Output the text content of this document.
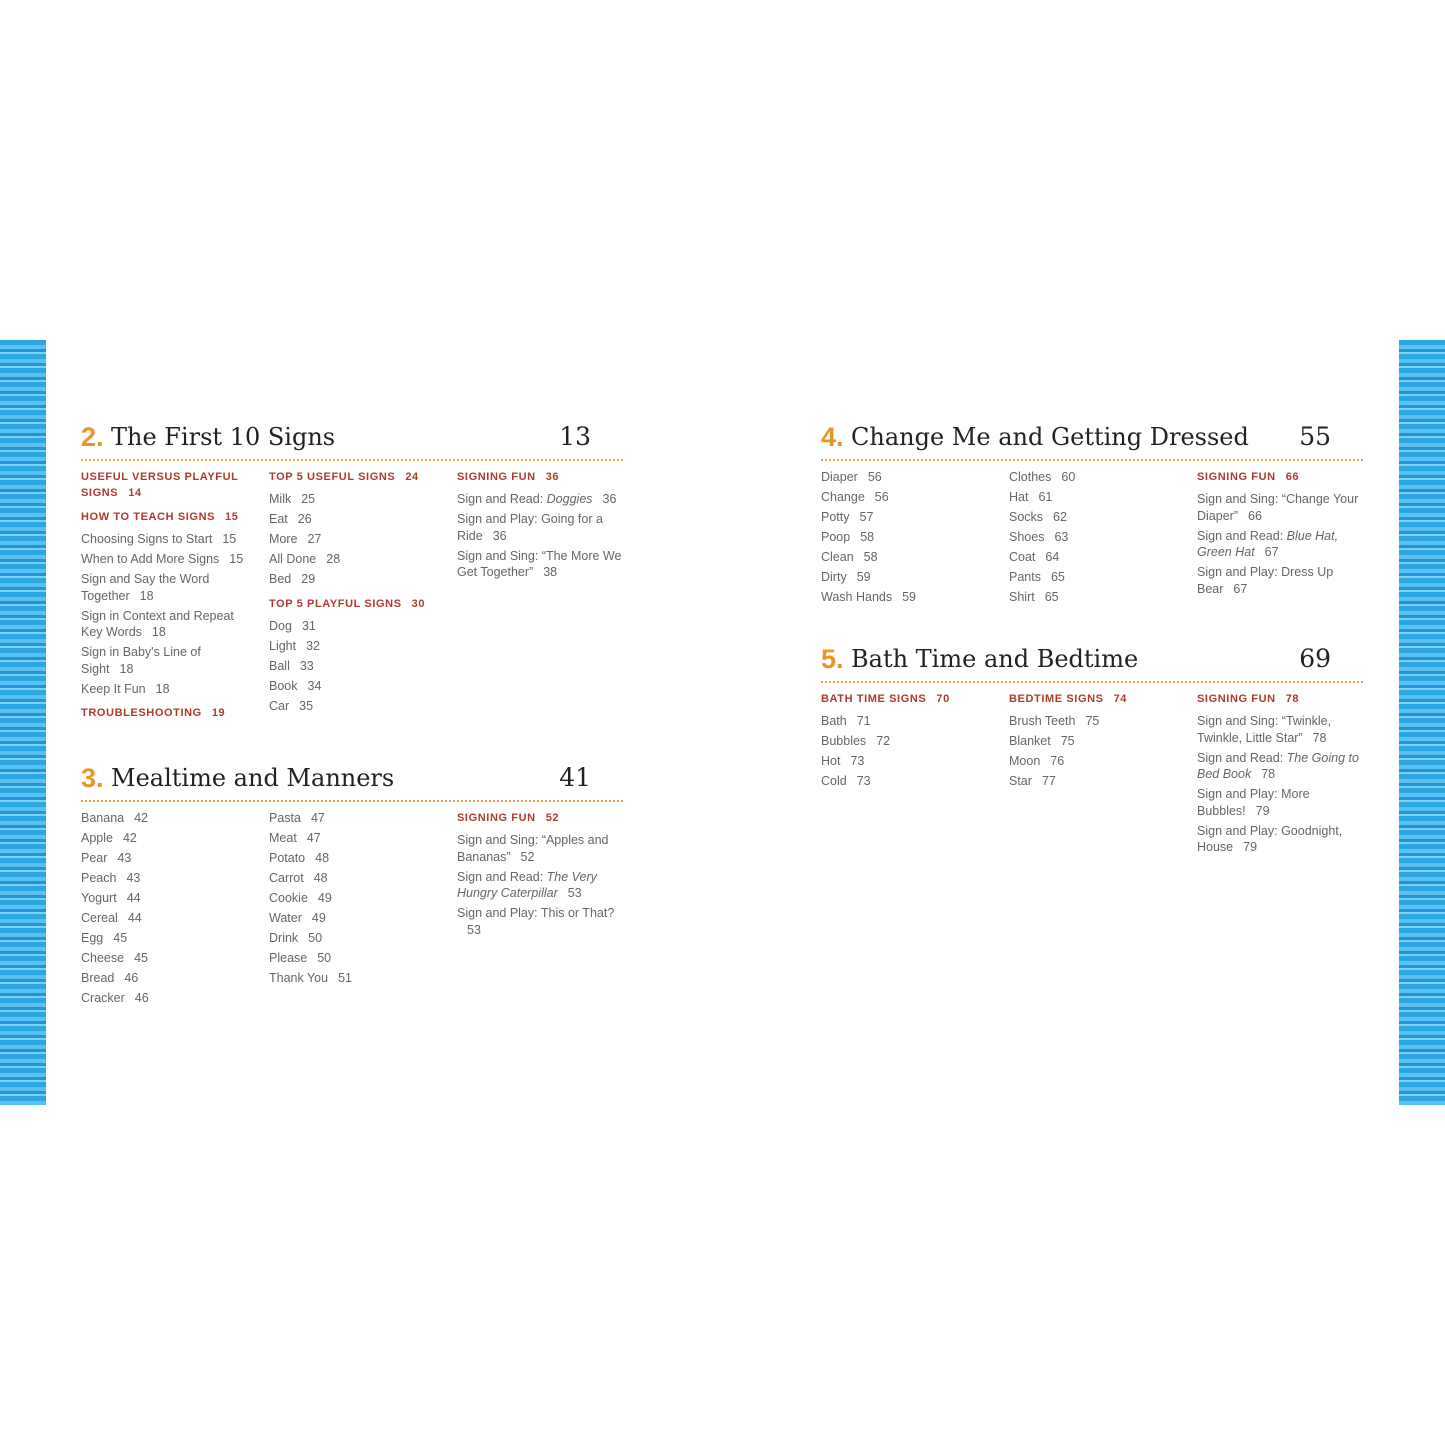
2. The First 10 Signs	13
USEFUL VERSUS PLAYFUL SIGNS 14
HOW TO TEACH SIGNS 15
Choosing Signs to Start 15
When to Add More Signs 15
Sign and Say the Word Together 18
Sign in Context and Repeat Key Words 18
Sign in Baby's Line of Sight 18
Keep It Fun 18
TROUBLESHOOTING 19
TOP 5 USEFUL SIGNS 24
Milk 25
Eat 26
More 27
All Done 28
Bed 29
TOP 5 PLAYFUL SIGNS 30
Dog 31
Light 32
Ball 33
Book 34
Car 35
SIGNING FUN 36
Sign and Read: Doggies 36
Sign and Play: Going for a Ride 36
Sign and Sing: “The More We Get Together” 38
3. Mealtime and Manners	41
Banana 42
Apple 42
Pear 43
Peach 43
Yogurt 44
Cereal 44
Egg 45
Cheese 45
Bread 46
Cracker 46
Pasta 47
Meat 47
Potato 48
Carrot 48
Cookie 49
Water 49
Drink 50
Please 50
Thank You 51
SIGNING FUN 52
Sign and Sing: “Apples and Bananas” 52
Sign and Read: The Very Hungry Caterpillar 53
Sign and Play: This or That?53
4. Change Me and Getting Dressed 55
Diaper 56
Change 56
Potty 57
Poop 58
Clean 58
Dirty 59
Wash Hands 59
Clothes 60
Hat 61
Socks 62
Shoes 63
Coat 64
Pants 65
Shirt 65
SIGNING FUN 66
Sign and Sing: “Change Your Diaper” 66
Sign and Read: Blue Hat, Green Hat 67
Sign and Play: Dress Up Bear 67
5. Bath Time and Bedtime	69
BATH TIME SIGNS 70
Bath 71
Bubbles 72
Hot 73
Cold 73
BEDTIME SIGNS 74
Brush Teeth 75
Blanket 75
Moon 76
Star 77
SIGNING FUN 78
Sign and Sing: “Twinkle, Twinkle, Little Star” 78
Sign and Read: The Going to Bed Book 78
Sign and Play: More Bubbles! 79
Sign and Play: Goodnight, House 79
